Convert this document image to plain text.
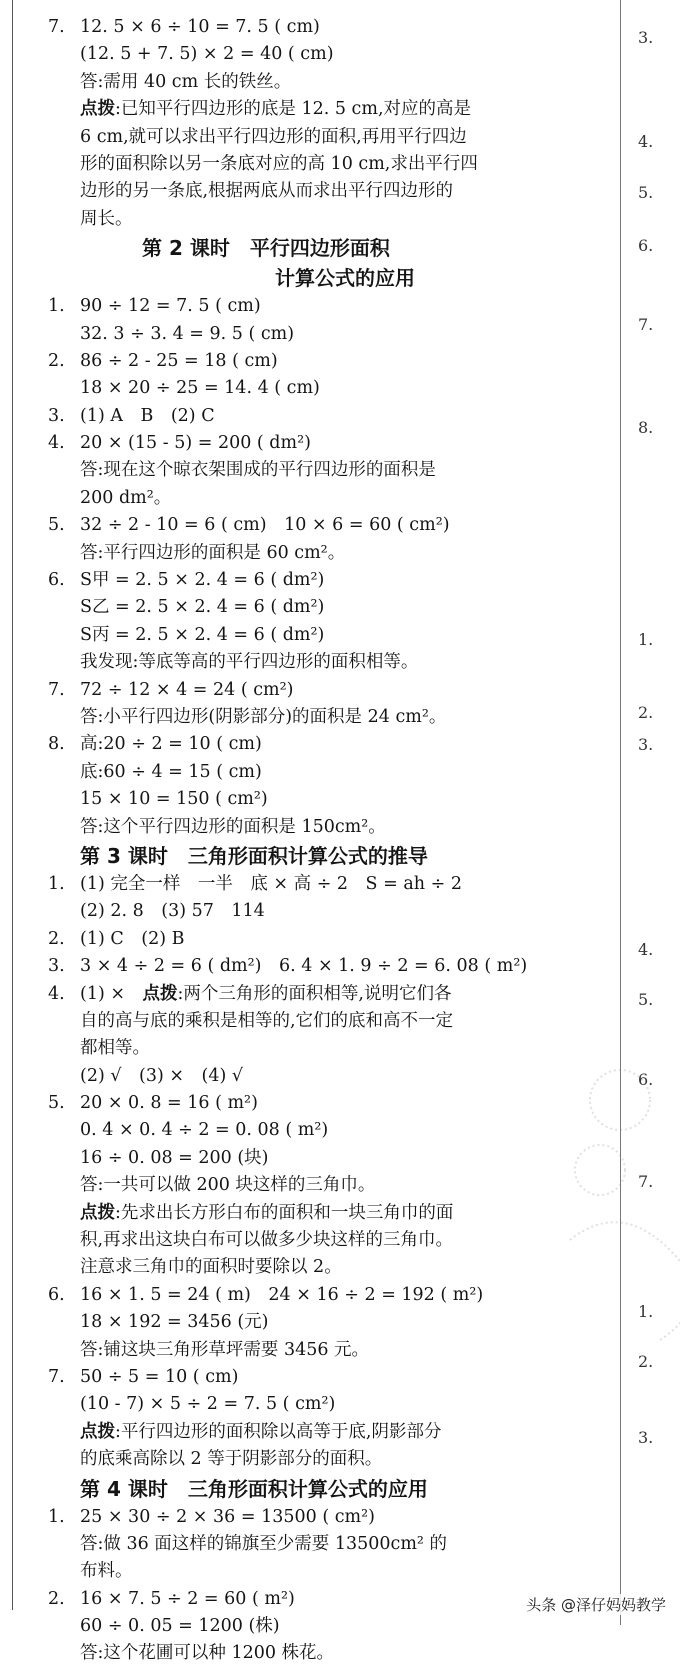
7. 12. 5 × 6 ÷ 10 = 7. 5 ( cm)
(12. 5 + 7. 5) × 2 = 40 ( cm)
答:需用 40 cm 长的铁丝。
点拨:已知平行四边形的底是 12. 5 cm,对应的高是
6 cm,就可以求出平行四边形的面积,再用平行四边
形的面积除以另一条底对应的高 10 cm,求出平行四
边形的另一条底,根据两底从而求出平行四边形的
周长。
第 2 课时　平行四边形面积
计算公式的应用
1. 90 ÷ 12 = 7. 5 ( cm)
32. 3 ÷ 3. 4 = 9. 5 ( cm)
2. 86 ÷ 2 - 25 = 18 ( cm)
18 × 20 ÷ 25 = 14. 4 ( cm)
3. (1) A　B　(2) C
4. 20 × (15 - 5) = 200 ( dm²)
答:现在这个晾衣架围成的平行四边形的面积是
200 dm²。
5. 32 ÷ 2 - 10 = 6 ( cm)　10 × 6 = 60 ( cm²)
答:平行四边形的面积是 60 cm²。
6. S甲 = 2. 5 × 2. 4 = 6 ( dm²)
S乙 = 2. 5 × 2. 4 = 6 ( dm²)
S丙 = 2. 5 × 2. 4 = 6 ( dm²)
我发现:等底等高的平行四边形的面积相等。
7. 72 ÷ 12 × 4 = 24 ( cm²)
答:小平行四边形(阴影部分)的面积是 24 cm²。
8. 高:20 ÷ 2 = 10 ( cm)
底:60 ÷ 4 = 15 ( cm)
15 × 10 = 150 ( cm²)
答:这个平行四边形的面积是 150cm²。
第 3 课时　三角形面积计算公式的推导
1. (1) 完全一样　一半　底 × 高 ÷ 2　S = ah ÷ 2
(2) 2. 8　(3) 57　114
2. (1) C　(2) B
3. 3 × 4 ÷ 2 = 6 ( dm²)　6. 4 × 1. 9 ÷ 2 = 6. 08 ( m²)
4. (1) ×　点拨:两个三角形的面积相等,说明它们各
自的高与底的乘积是相等的,它们的底和高不一定
都相等。
(2) √　(3) ×　(4) √
5. 20 × 0. 8 = 16 ( m²)
0. 4 × 0. 4 ÷ 2 = 0. 08 ( m²)
16 ÷ 0. 08 = 200 (块)
答:一共可以做 200 块这样的三角巾。
点拨:先求出长方形白布的面积和一块三角巾的面
积,再求出这块白布可以做多少块这样的三角巾。
注意求三角巾的面积时要除以 2。
6. 16 × 1. 5 = 24 ( m)　24 × 16 ÷ 2 = 192 ( m²)
18 × 192 = 3456 (元)
答:铺这块三角形草坪需要 3456 元。
7. 50 ÷ 5 = 10 ( cm)
(10 - 7) × 5 ÷ 2 = 7. 5 ( cm²)
点拨:平行四边形的面积除以高等于底,阴影部分
的底乘高除以 2 等于阴影部分的面积。
第 4 课时　三角形面积计算公式的应用
1. 25 × 30 ÷ 2 × 36 = 13500 ( cm²)
答:做 36 面这样的锦旗至少需要 13500cm² 的
布料。
2. 16 × 7. 5 ÷ 2 = 60 ( m²)
60 ÷ 0. 05 = 1200 (株)
答:这个花圃可以种 1200 株花。
3.
4.
5.
6.
7.
8.
1.
2.
3.
4.
5.
6.
7.
1.
2.
3.
头条 @泽仔妈妈教学
